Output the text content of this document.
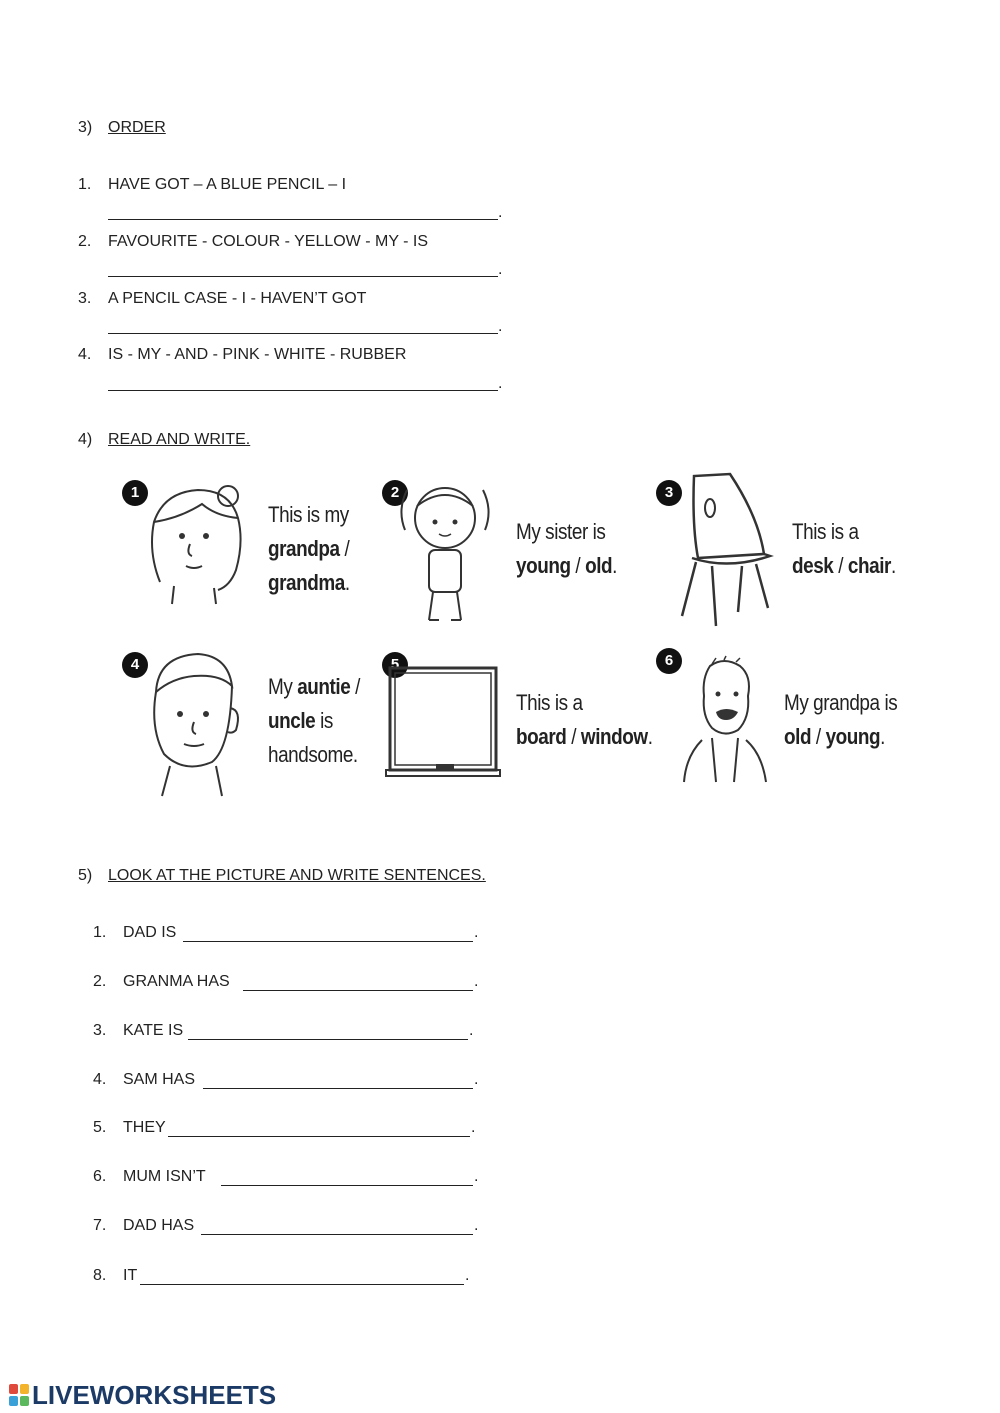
3) ORDER
1. HAVE GOT – A BLUE PENCIL – I
.
2. FAVOURITE - COLOUR - YELLOW - MY - IS
.
3. A PENCIL CASE - I - HAVEN’T GOT
.
4. IS - MY - AND - PINK - WHITE - RUBBER
.
4) READ AND WRITE.
1
This is my
grandpa /
grandma.
2
My sister is
young / old.
3
This is a
desk / chair.
4
My auntie /
uncle is
handsome.
5
This is a
board / window.
6
My grandpa is
old / young.
5) LOOK AT THE PICTURE AND WRITE SENTENCES.
1. DAD IS	.
2. GRANMA HAS	.
3. KATE IS	.
4. SAM HAS	.
5. THEY	.
6. MUM ISN’T	.
7. DAD HAS	.
8. IT	.
LIVEWORKSHEETS
